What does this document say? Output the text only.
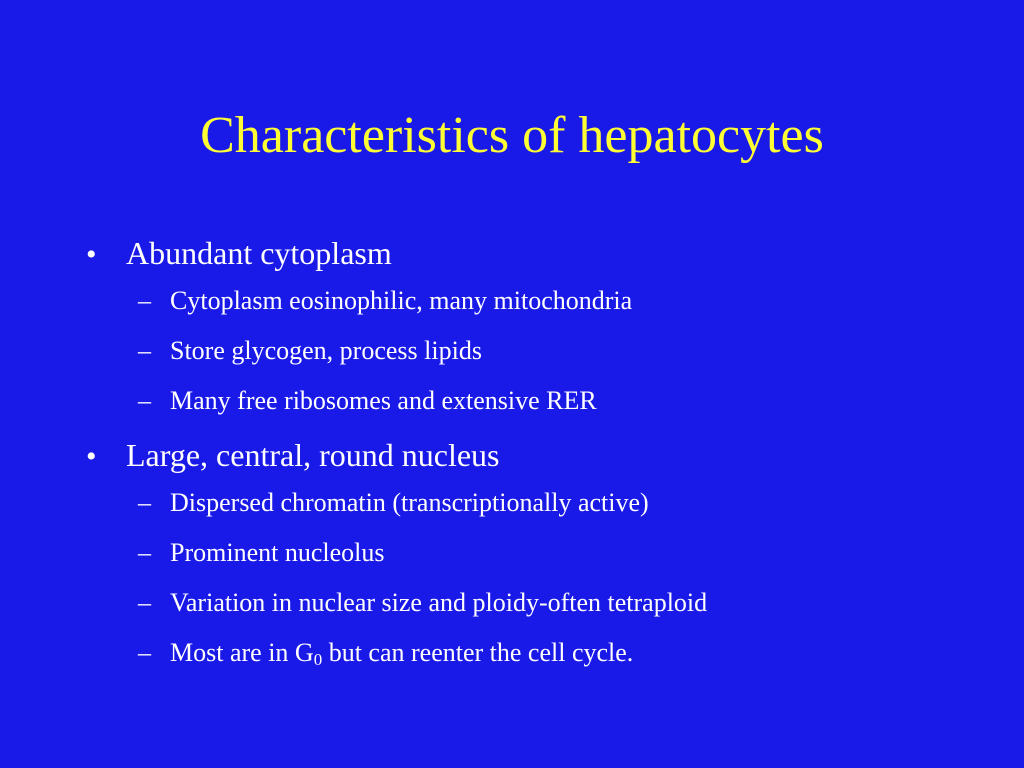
Characteristics of hepatocytes
• Abundant cytoplasm
– Cytoplasm eosinophilic, many mitochondria
– Store glycogen, process lipids
– Many free ribosomes and extensive RER
• Large, central, round nucleus
– Dispersed chromatin (transcriptionally active)
– Prominent nucleolus
– Variation in nuclear size and ploidy-often tetraploid
– Most are in $G_0$ but can reenter the cell cycle.
